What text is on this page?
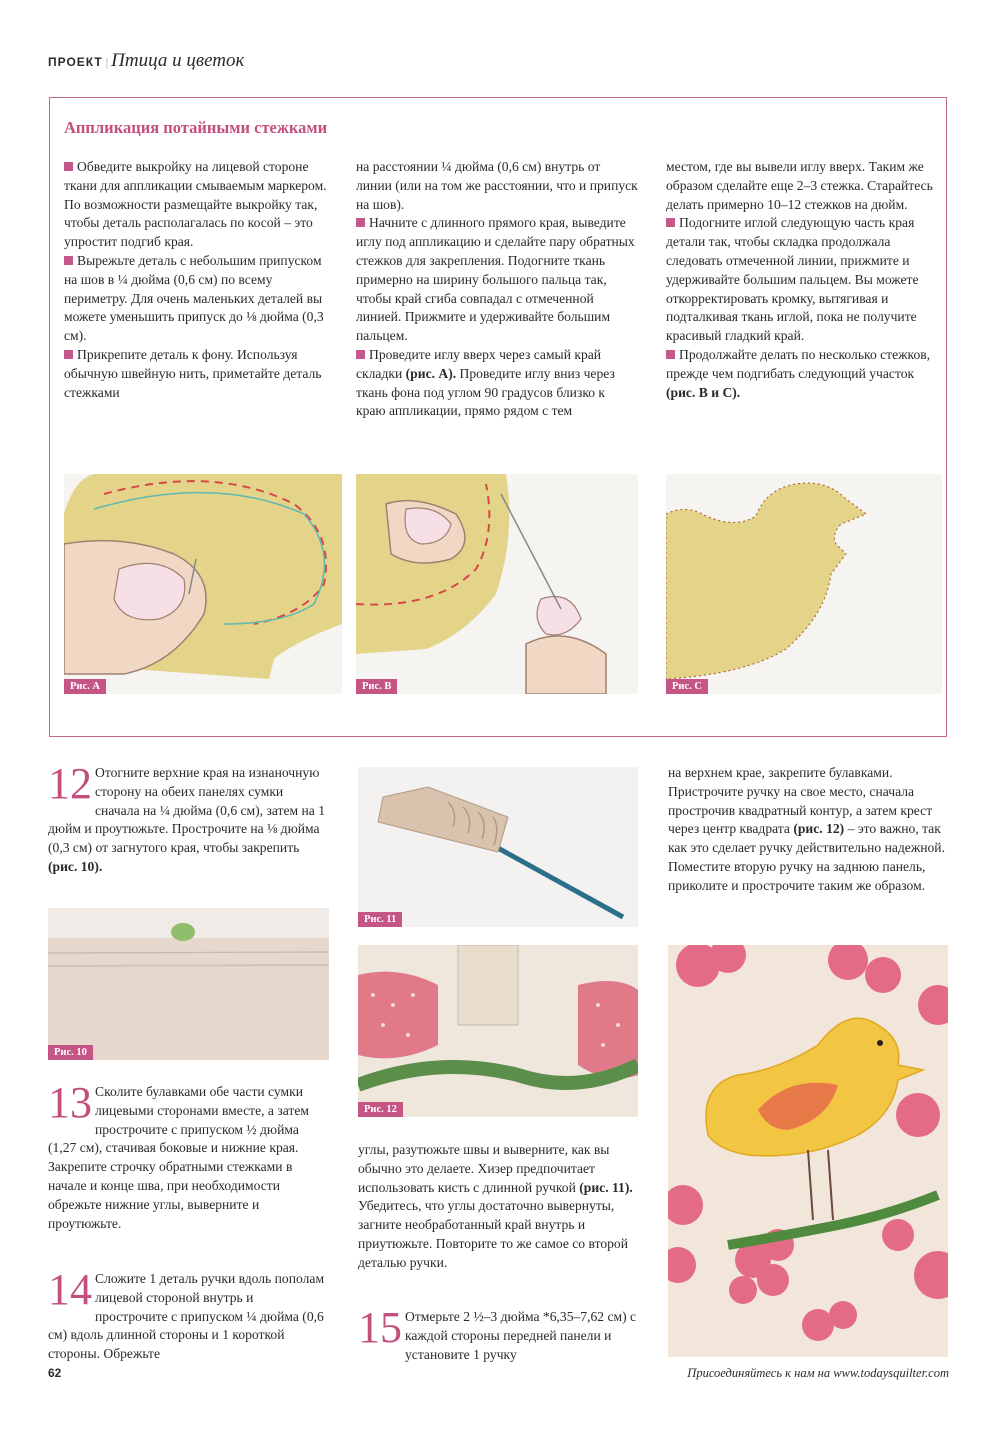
ПРОЕКТ | Птица и цветок
Аппликация потайными стежками

Обведите выкройку на лицевой стороне ткани для аппликации смываемым маркером. По возможности размещайте выкройку так, чтобы деталь располагалась по косой – это упростит подгиб края.

Вырежьте деталь с небольшим припуском на шов в ¼ дюйма (0,6 см) по всему периметру. Для очень маленьких деталей вы можете уменьшить припуск до ⅛ дюйма (0,3 см).

Прикрепите деталь к фону. Используя обычную швейную нить, приметайте деталь стежками

на расстоянии ¼ дюйма (0,6 см) внутрь от линии (или на том же расстоянии, что и припуск на шов).

Начните с длинного прямого края, выведите иглу под аппликацию и сделайте пару обратных стежков для закрепления. Подогните ткань примерно на ширину большого пальца так, чтобы край сгиба совпадал с отмеченной линией. Прижмите и удерживайте большим пальцем.

Проведите иглу вверх через самый край складки (рис. A). Проведите иглу вниз через ткань фона под углом 90 градусов близко к краю аппликации, прямо рядом с тем

местом, где вы вывели иглу вверх. Таким же образом сделайте еще 2–3 стежка. Старайтесь делать примерно 10–12 стежков на дюйм.

Подогните иглой следующую часть края детали так, чтобы складка продолжала следовать отмеченной линии, прижмите и удерживайте большим пальцем. Вы можете откорректировать кромку, вытягивая и подталкивая ткань иглой, пока не получите красивый гладкий край.

Продолжайте делать по несколько стежков, прежде чем подгибать следующий участок (рис. B и C).

Рис. A	Рис. B	Рис. C

12 Отогните верхние края на изнаночную сторону на обеих панелях сумки сначала на ¼ дюйма (0,6 см), затем на 1 дюйм и проутюжьте. Прострочите на ⅛ дюйма (0,3 см) от загнутого края, чтобы закрепить (рис. 10).

Рис. 10

13 Сколите булавками обе части сумки лицевыми сторонами вместе, а затем прострочите с припуском ½ дюйма (1,27 см), стачивая боковые и нижние края. Закрепите строчку обратными стежками в начале и конце шва, при необходимости обрежьте нижние углы, выверните и проутюжьте.

14 Сложите 1 деталь ручки вдоль пополам лицевой стороной внутрь и прострочите с припуском ¼ дюйма (0,6 см) вдоль длинной стороны и 1 короткой стороны. Обрежьте

Рис. 11
Рис. 12

углы, разутюжьте швы и выверните, как вы обычно это делаете. Хизер предпочитает использовать кисть с длинной ручкой (рис. 11). Убедитесь, что углы достаточно вывернуты, загните необработанный край внутрь и приутюжьте. Повторите то же самое со второй деталью ручки.

15 Отмерьте 2 ½–3 дюйма *6,35–7,62 см) с каждой стороны передней панели и установите 1 ручку

на верхнем крае, закрепите булавками. Пристрочите ручку на свое место, сначала прострочив квадратный контур, а затем крест через центр квадрата (рис. 12) – это важно, так как это сделает ручку действительно надежной. Поместите вторую ручку на заднюю панель, приколите и прострочите таким же образом.

62	Присоединяйтесь к нам на www.todaysquilter.com
